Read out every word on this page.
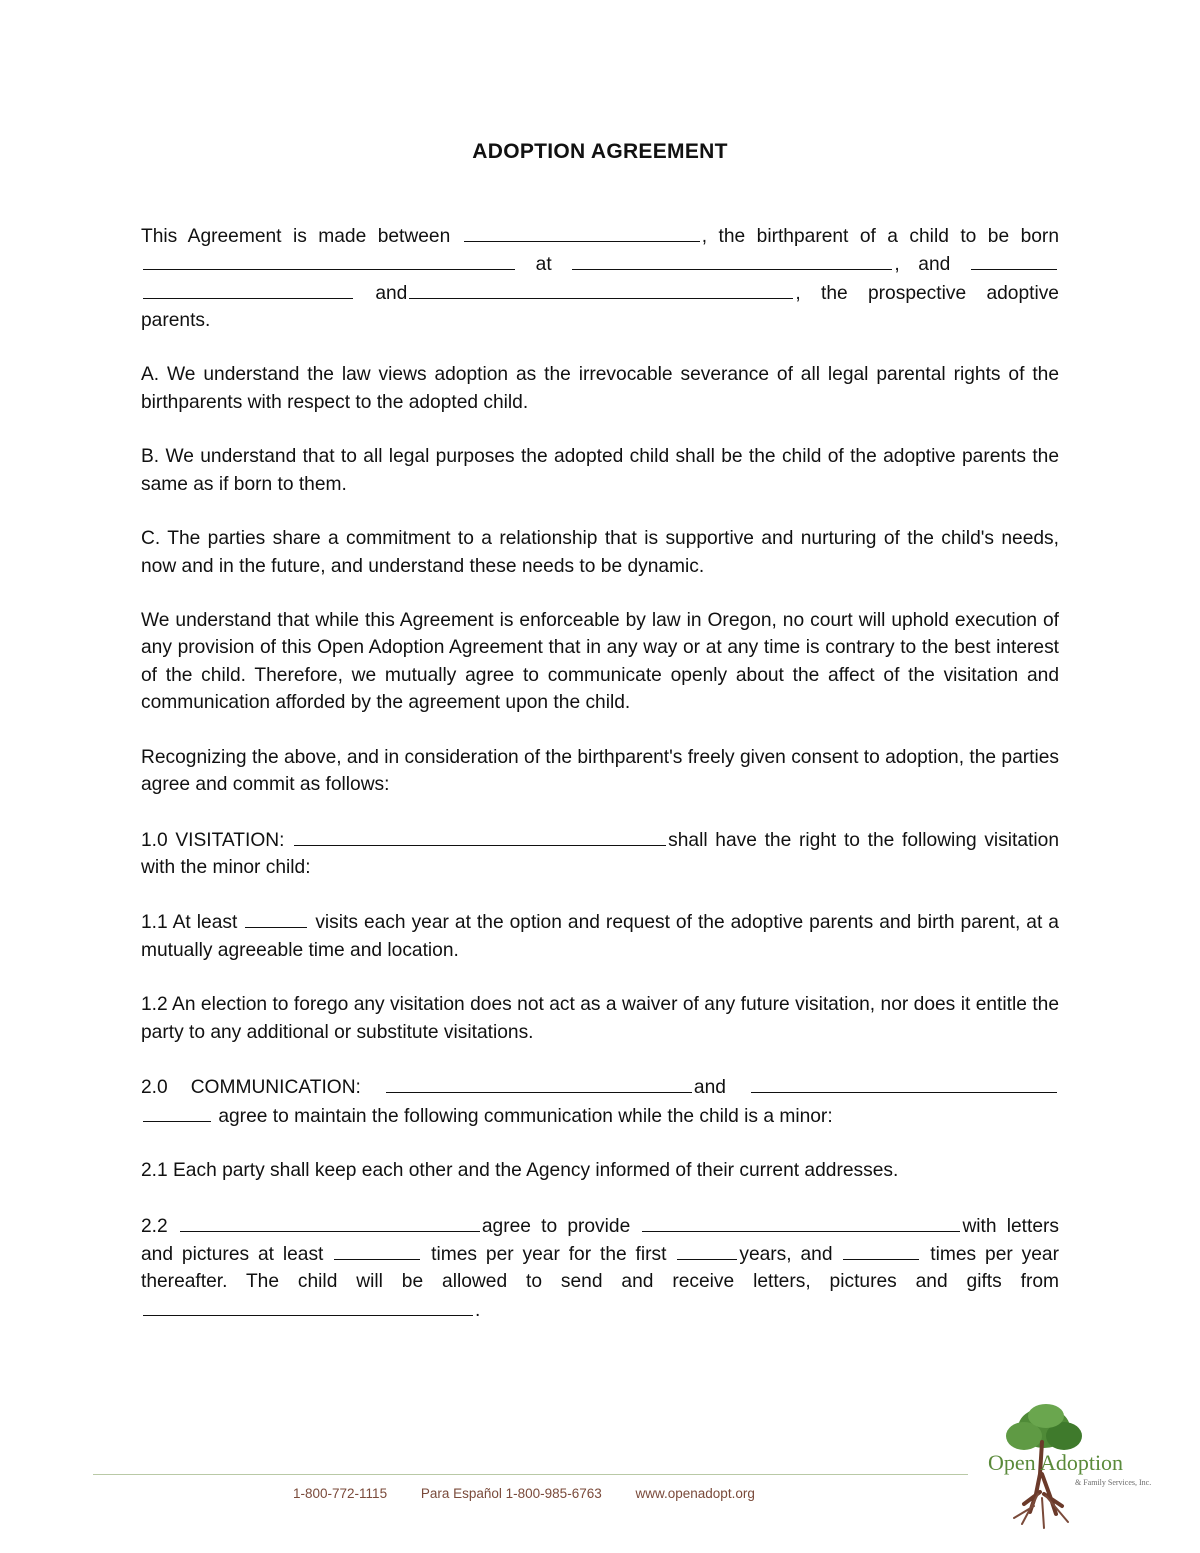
ADOPTION AGREEMENT

This Agreement is made between	, the birthparent of a child to be born  at	, and   and	, the prospective adoptive parents.

A. We understand the law views adoption as the irrevocable severance of all legal parental rights of the birthparents with respect to the adopted child.

B. We understand that to all legal purposes the adopted child shall be the child of the adoptive parents the same as if born to them.

C. The parties share a commitment to a relationship that is supportive and nurturing of the child's needs, now and in the future, and understand these needs to be dynamic.

We understand that while this Agreement is enforceable by law in Oregon, no court will uphold execution of any provision of this Open Adoption Agreement that in any way or at any time is contrary to the best interest of the child. Therefore, we mutually agree to communicate openly about the affect of the visitation and communication afforded by the agreement upon the child.

Recognizing the above, and in consideration of the birthparent's freely given consent to adoption, the parties agree and commit as follows:

1.0 VISITATION:	shall have the right to the following visitation with the minor child:

1.1 At least	visits each year at the option and request of the adoptive parents and birth parent, at a mutually agreeable time and location.

1.2 An election to forego any visitation does not act as a waiver of any future visitation, nor does it entitle the party to any additional or substitute visitations.

2.0 COMMUNICATION:	and   agree to maintain the following communication while the child is a minor:

2.1 Each party shall keep each other and the Agency informed of their current addresses.

2.2	agree to provide	with letters and pictures at least	times per year for the first	years, and	times per year thereafter. The child will be allowed to send and receive letters, pictures and gifts from .

1-800-772-1115	Para Español 1-800-985-6763	www.openadopt.org
Open Adoption
& Family Services, Inc.
